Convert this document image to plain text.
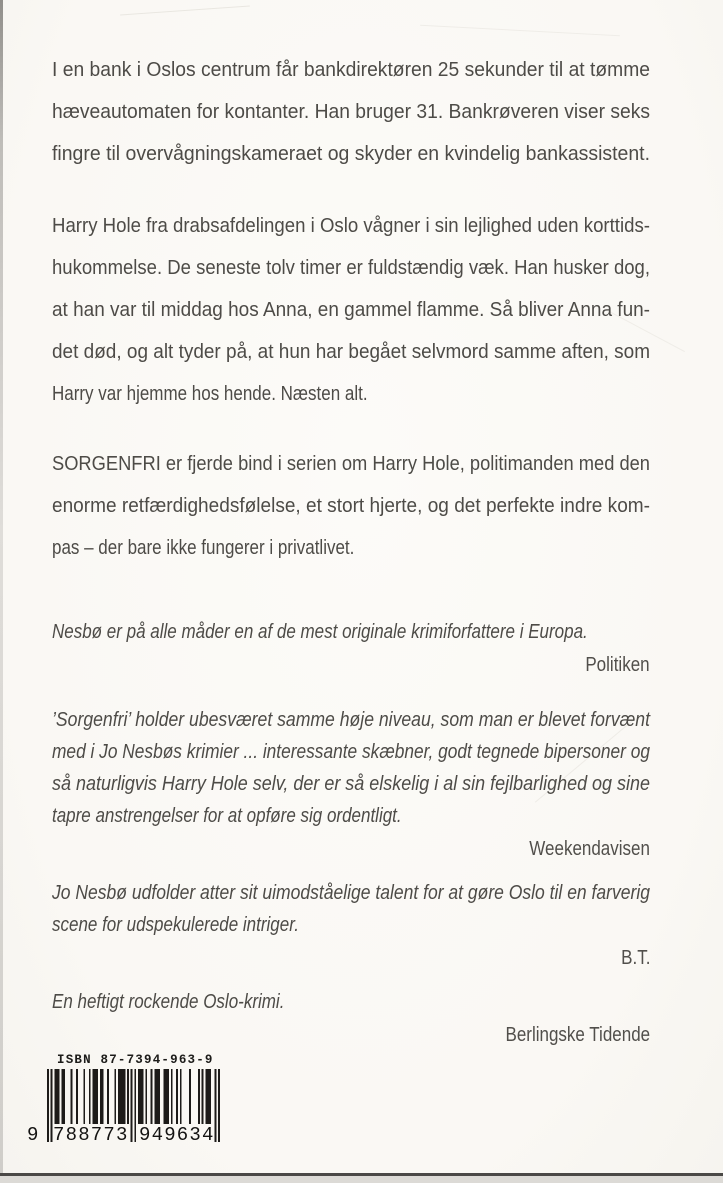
I en bank i Oslos centrum får bankdirektøren 25 sekunder til at tømme
hæveautomaten for kontanter. Han bruger 31. Bankrøveren viser seks
fingre til overvågningskameraet og skyder en kvindelig bankassistent.

Harry Hole fra drabsafdelingen i Oslo vågner i sin lejlighed uden korttids-
hukommelse. De seneste tolv timer er fuldstændig væk. Han husker dog,
at han var til middag hos Anna, en gammel flamme. Så bliver Anna fun-
det død, og alt tyder på, at hun har begået selvmord samme aften, som
Harry var hjemme hos hende. Næsten alt.

SORGENFRI er fjerde bind i serien om Harry Hole, politimanden med den
enorme retfærdighedsfølelse, et stort hjerte, og det perfekte indre kom-
pas – der bare ikke fungerer i privatlivet.

Nesbø er på alle måder en af de mest originale krimiforfattere i Europa.
Politiken
’Sorgenfri’ holder ubesværet samme høje niveau, som man er blevet forvænt
med i Jo Nesbøs krimier ... interessante skæbner, godt tegnede bipersoner og
så naturligvis Harry Hole selv, der er så elskelig i al sin fejlbarlighed og sine
tapre anstrengelser for at opføre sig ordentligt.
Weekendavisen
Jo Nesbø udfolder atter sit uimodståelige talent for at gøre Oslo til en farverig
scene for udspekulerede intriger.
B.T.
En heftigt rockende Oslo-krimi.
Berlingske Tidende
ISBN 87-7394-963-9
9 788773 949634
